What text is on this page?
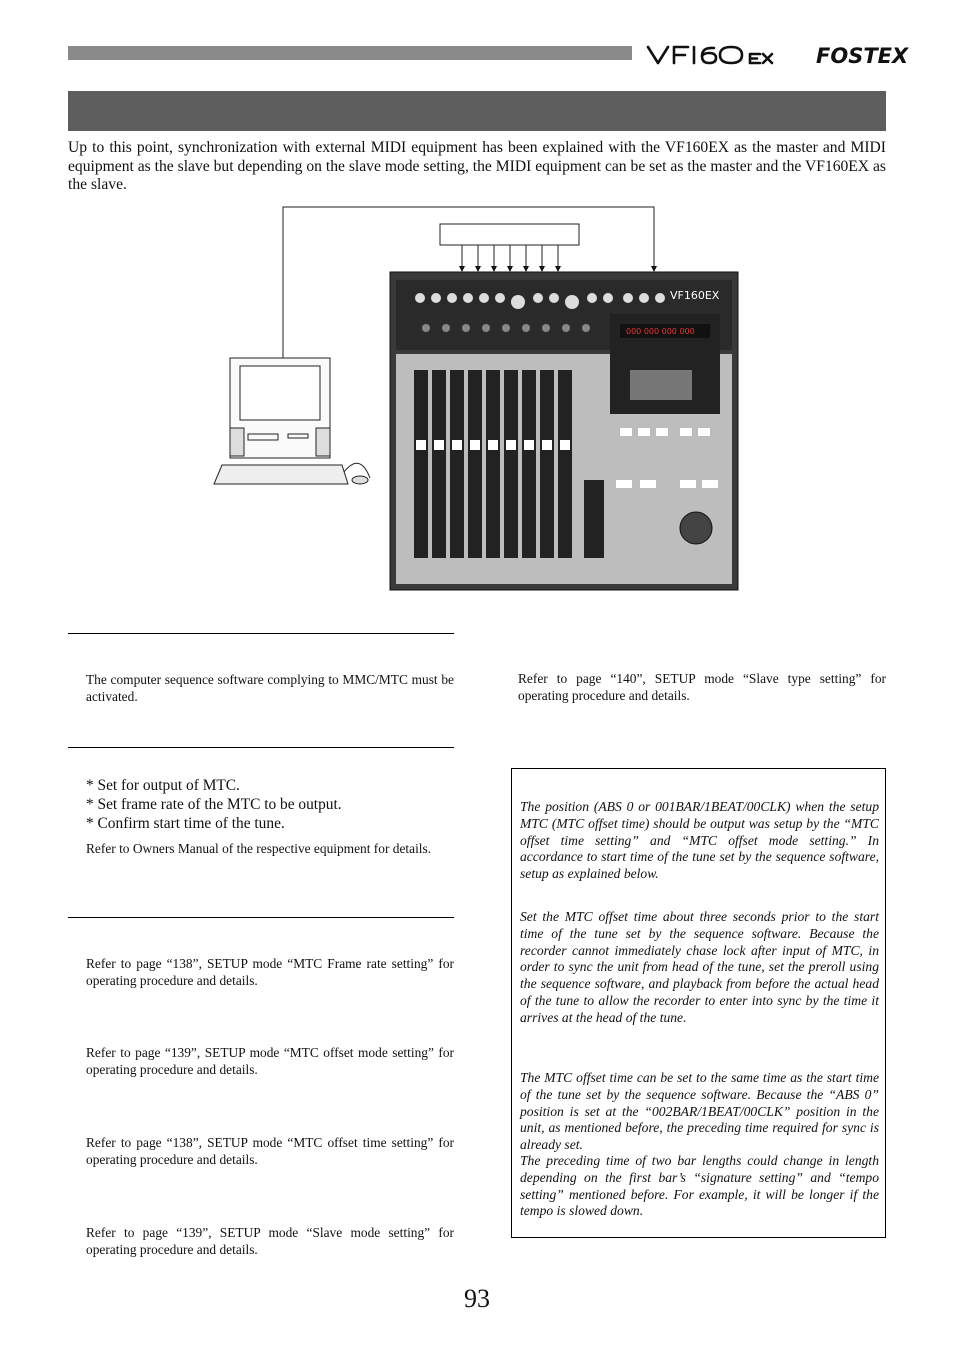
FOSTEX
Up to this point, synchronization with external MIDI equipment has been explained with the VF160EX as the master and MIDI equipment as the slave but depending on the slave mode setting, the MIDI equipment can be set as the master and the VF160EX as the slave.
VF160EX
000 000 000 000
The computer sequence software complying to MMC/MTC must be activated.
* Set for output of MTC.
* Set frame rate of the MTC to be output.
* Confirm start time of the tune.
Refer to Owners Manual of the respective equipment for details.
Refer to page “138”, SETUP mode “MTC Frame rate setting” for operating procedure and details.
Refer to page “139”, SETUP mode “MTC offset mode setting” for operating procedure and details.
Refer to page “138”, SETUP mode “MTC offset time setting” for operating procedure and details.
Refer to page “139”, SETUP mode “Slave mode setting” for operating procedure and details.
Refer to page “140”, SETUP mode “Slave type setting” for operating procedure and details.
The position (ABS 0 or 001BAR/1BEAT/00CLK) when the setup MTC (MTC offset time) should be output was setup by the “MTC offset time setting” and “MTC offset mode setting.” In accordance to start time of the tune set by the sequence software, setup as explained below.
Set the MTC offset time about three seconds prior to the start time of the tune set by the sequence software. Because the recorder cannot immediately chase lock after input of MTC, in order to sync the unit from head of the tune, set the preroll using the sequence software, and playback from before the actual head of the tune to allow the recorder to enter into sync by the time it arrives at the head of the tune.
The MTC offset time can be set to the same time as the start time of the tune set by the sequence software. Because the “ABS 0” position is set at the “002BAR/1BEAT/00CLK” position in the unit, as mentioned before, the preceding time required for sync is already set.
The preceding time of two bar lengths could change in length depending on the first bar’s “signature setting” and “tempo setting” mentioned before. For example, it will be longer if the tempo is slowed down.
93
